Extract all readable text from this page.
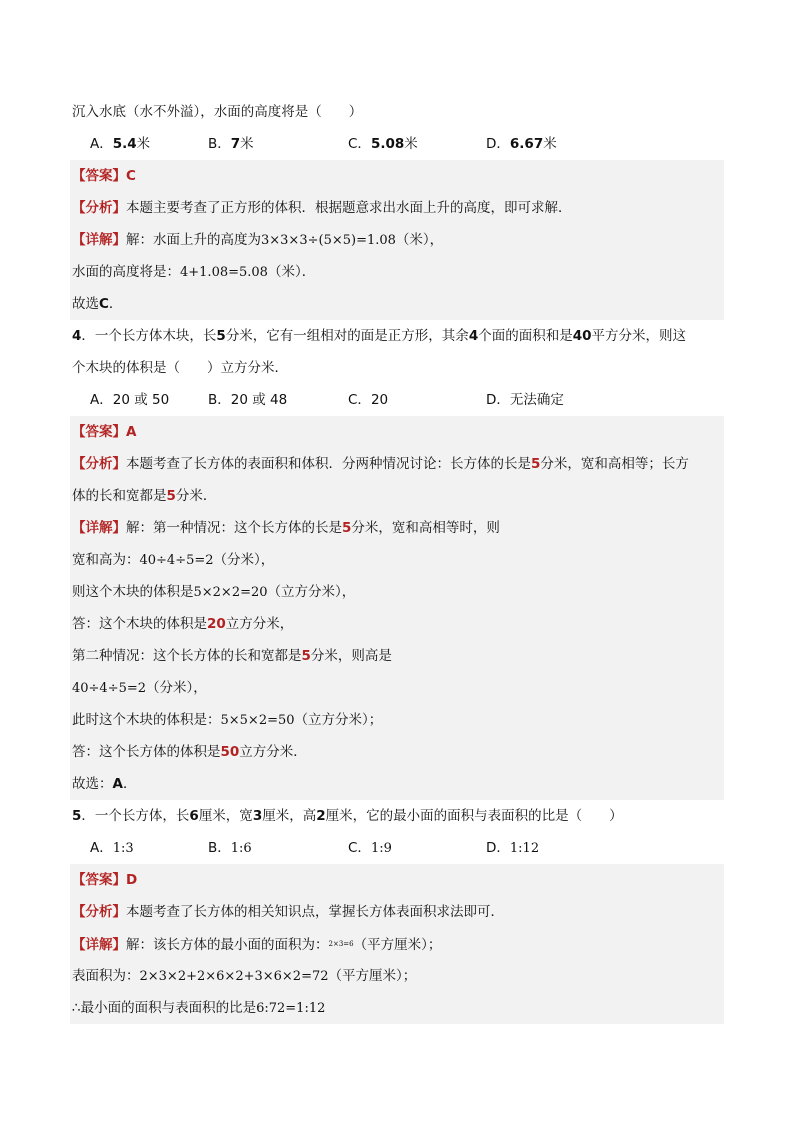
沉入水底（水不外溢），水面的高度将是（　　）
A．5.4米	B．7米	C．5.08米	D．6.67米
【答案】C
【分析】本题主要考查了正方形的体积．根据题意求出水面上升的高度，即可求解．
【详解】解：水面上升的高度为3×3×3÷(5×5)=1.08（米），
水面的高度将是：4+1.08=5.08（米）．
故选C．
4．一个长方体木块，长5分米，它有一组相对的面是正方形，其余4个面的面积和是40平方分米，则这
个木块的体积是（　　）立方分米．
A．20 或 50	B．20 或 48	C．20	D．无法确定
【答案】A
【分析】本题考查了长方体的表面积和体积．分两种情况讨论：长方体的长是5分米，宽和高相等；长方
体的长和宽都是5分米．
【详解】解：第一种情况：这个长方体的长是5分米，宽和高相等时，则
宽和高为：40÷4÷5=2（分米），
则这个木块的体积是5×2×2=20（立方分米），
答：这个木块的体积是20立方分米，
第二种情况：这个长方体的长和宽都是5分米，则高是
40÷4÷5=2（分米），
此时这个木块的体积是：5×5×2=50（立方分米）；
答：这个长方体的体积是50立方分米．
故选：A．
5．一个长方体，长6厘米，宽3厘米，高2厘米，它的最小面的面积与表面积的比是（　　）
A．1:3	B．1:6	C．1:9	D．1:12
【答案】D
【分析】本题考查了长方体的相关知识点，掌握长方体表面积求法即可．
【详解】解：该长方体的最小面的面积为：$^{2\times 3=6}$（平方厘米）；
表面积为：2×3×2+2×6×2+3×6×2=72（平方厘米）；
∴最小面的面积与表面积的比是6:72=1:12
